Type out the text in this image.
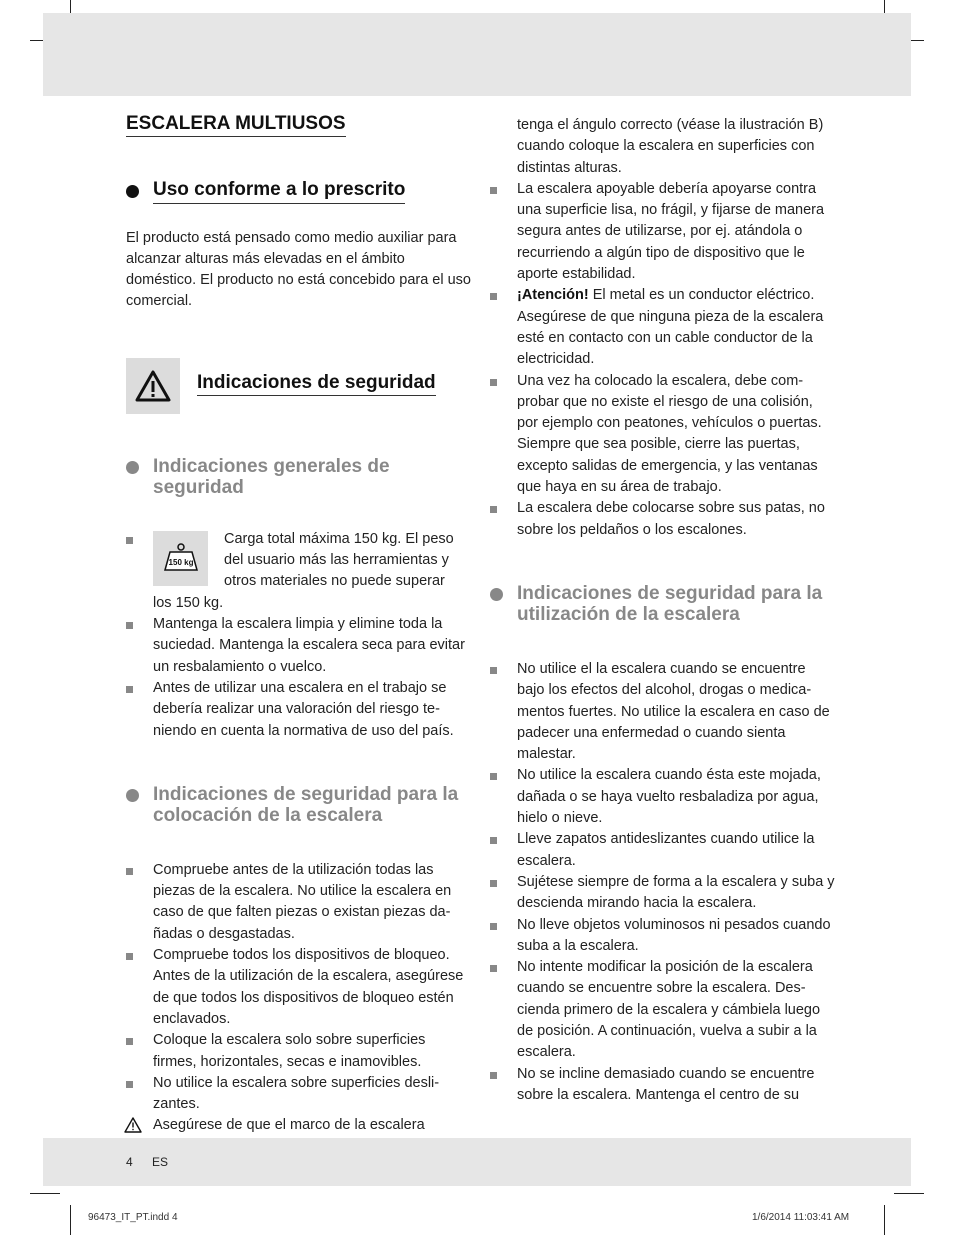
ESCALERA MULTIUSOS
Uso conforme a lo prescrito
El producto está pensado como medio auxiliar para alcanzar alturas más elevadas en el ámbito doméstico. El producto no está concebido para el uso comercial.
Indicaciones de seguridad
Indicaciones generales de seguridad
150 kg
Carga total máxima 150 kg. El peso del usuario más las herramientas y otros materiales no puede superar
los 150 kg.
Mantenga la escalera limpia y elimine toda la suciedad. Mantenga la escalera seca para evitar un resbalamiento o vuelco.
Antes de utilizar una escalera en el trabajo se debería realizar una valoración del riesgo te-niendo en cuenta la normativa de uso del país.
Indicaciones de seguridad para la colocación de la escalera
Compruebe antes de la utilización todas las piezas de la escalera. No utilice la escalera en caso de que falten piezas o existan piezas da-ñadas o desgastadas.
Compruebe todos los dispositivos de bloqueo. Antes de la utilización de la escalera, asegúrese de que todos los dispositivos de bloqueo estén enclavados.
Coloque la escalera solo sobre superficies firmes, horizontales, secas e inamovibles.
No utilice la escalera sobre superficies desli-zantes.
Asegúrese de que el marco de la escalera
tenga el ángulo correcto (véase la ilustración B) cuando coloque la escalera en superficies con distintas alturas.
La escalera apoyable debería apoyarse contra una superficie lisa, no frágil, y fijarse de manera segura antes de utilizarse, por ej. atándola o recurriendo a algún tipo de dispositivo que le aporte estabilidad.
¡Atención! El metal es un conductor eléctrico. Asegúrese de que ninguna pieza de la escalera esté en contacto con un cable conductor de la electricidad.
Una vez ha colocado la escalera, debe com-probar que no existe el riesgo de una colisión, por ejemplo con peatones, vehículos o puertas. Siempre que sea posible, cierre las puertas, excepto salidas de emergencia, y las ventanas que haya en su área de trabajo.
La escalera debe colocarse sobre sus patas, no sobre los peldaños o los escalones.
Indicaciones de seguridad para la utilización de la escalera
No utilice el la escalera cuando se encuentre bajo los efectos del alcohol, drogas o medica-mentos fuertes. No utilice la escalera en caso de padecer una enfermedad o cuando sienta malestar.
No utilice la escalera cuando ésta este mojada, dañada o se haya vuelto resbaladiza por agua, hielo o nieve.
Lleve zapatos antideslizantes cuando utilice la escalera.
Sujétese siempre de forma a la escalera y suba y descienda mirando hacia la escalera.
No lleve objetos voluminosos ni pesados cuando suba a la escalera.
No intente modificar la posición de la escalera cuando se encuentre sobre la escalera. Des-cienda primero de la escalera y cámbiela luego de posición. A continuación, vuelva a subir a la escalera.
No se incline demasiado cuando se encuentre sobre la escalera. Mantenga el centro de su
4 ES
96473_IT_PT.indd 4	1/6/2014 11:03:41 AM
